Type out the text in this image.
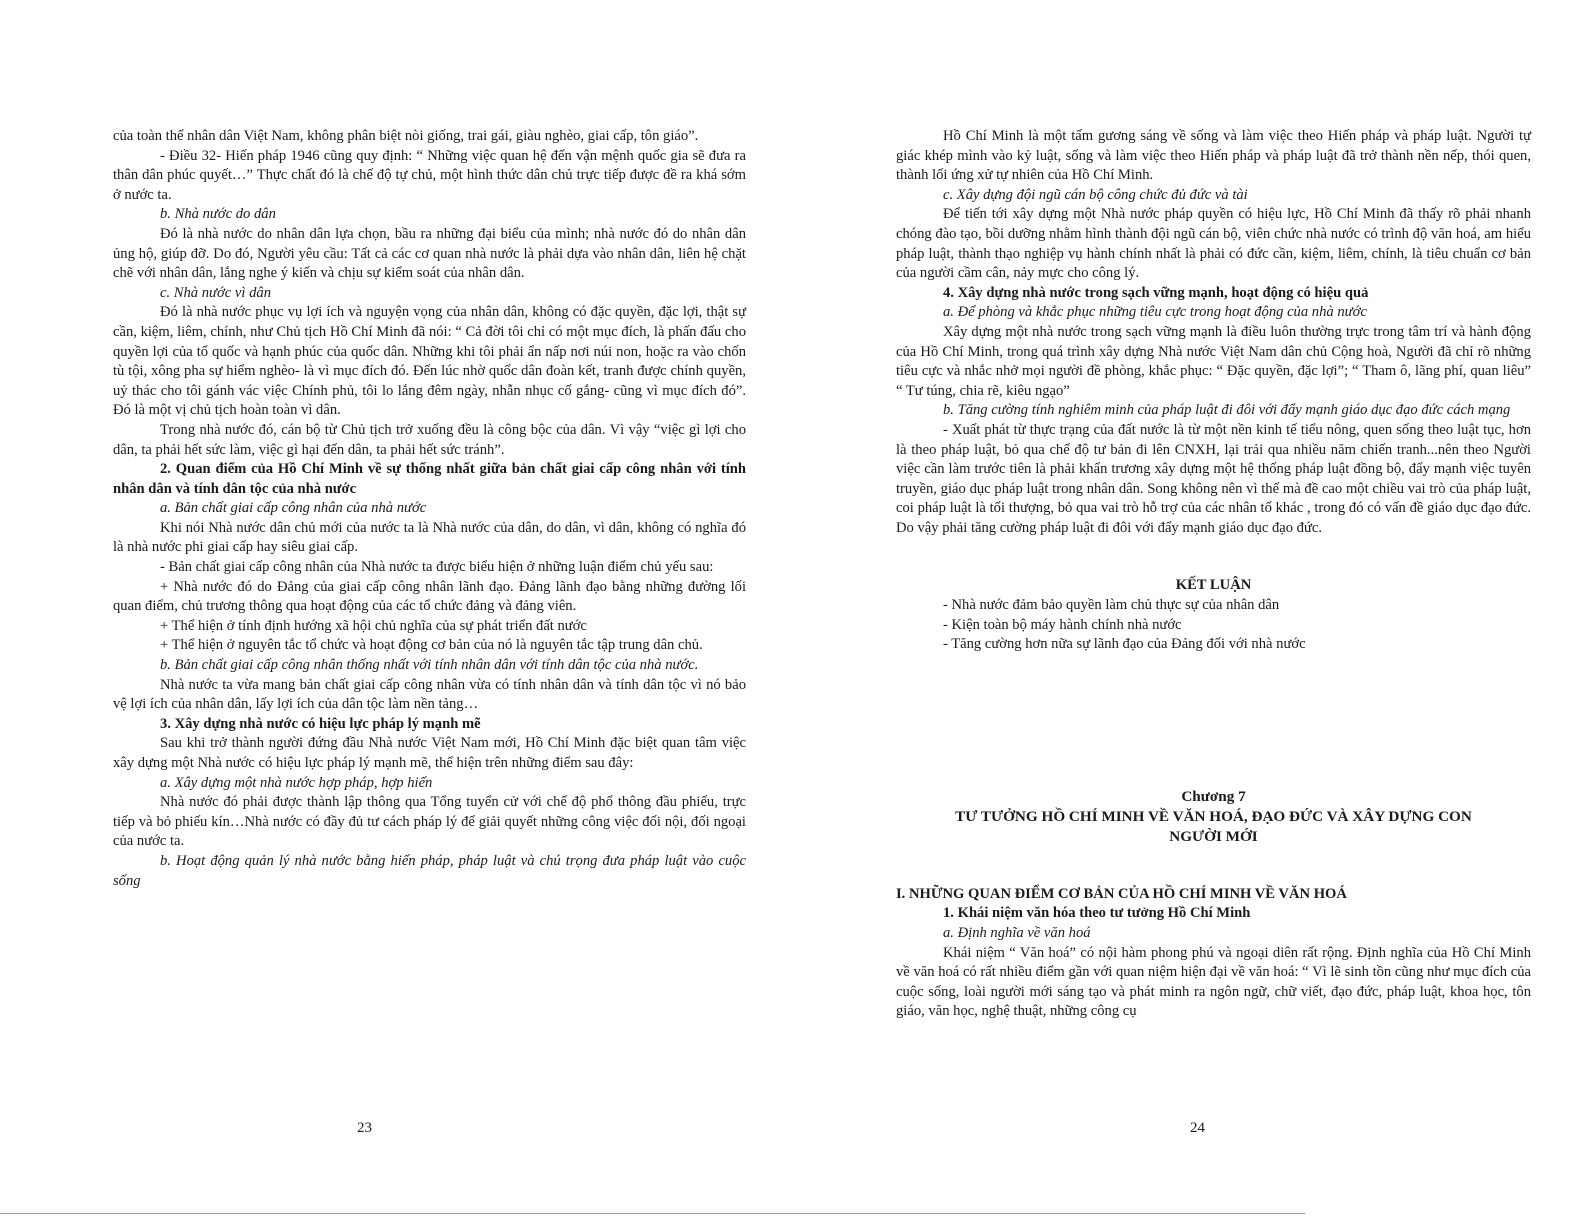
của toàn thể nhân dân Việt Nam, không phân biệt nòi giống, trai gái, giàu nghèo, giai cấp, tôn giáo”.

- Điều 32- Hiến pháp 1946 cũng quy định: “ Những việc quan hệ đến vận mệnh quốc gia sẽ đưa ra thân dân phúc quyết…” Thực chất đó là chế độ tự chủ, một hình thức dân chủ trực tiếp được đề ra khá sớm ở nước ta.

b. Nhà nước do dân

Đó là nhà nước do nhân dân lựa chọn, bầu ra những đại biểu của mình; nhà nước đó do nhân dân ủng hộ, giúp đỡ. Do đó, Người yêu cầu: Tất cả các cơ quan nhà nước là phải dựa vào nhân dân, liên hệ chặt chẽ với nhân dân, lắng nghe ý kiến và chịu sự kiểm soát của nhân dân.

c. Nhà nước vì dân

Đó là nhà nước phục vụ lợi ích và nguyện vọng của nhân dân, không có đặc quyền, đặc lợi, thật sự cần, kiệm, liêm, chính, như Chủ tịch Hồ Chí Minh đã nói: “ Cả đời tôi chỉ có một mục đích, là phấn đấu cho quyền lợi của tổ quốc và hạnh phúc của quốc dân. Những khi tôi phải ẩn nấp nơi núi non, hoặc ra vào chốn tù tội, xông pha sự hiểm nghèo- là vì mục đích đó. Đến lúc nhờ quốc dân đoàn kết, tranh được chính quyền, uỷ thác cho tôi gánh vác việc Chính phủ, tôi lo lắng đêm ngày, nhẫn nhục cố gắng- cũng vì mục đích đó”. Đó là một vị chủ tịch hoàn toàn vì dân.

Trong nhà nước đó, cán bộ từ Chủ tịch trở xuống đều là công bộc của dân. Vì vậy “việc gì lợi cho dân, ta phải hết sức làm, việc gì hại đến dân, ta phải hết sức tránh”.

2. Quan điểm của Hồ Chí Minh về sự thống nhất giữa bản chất giai cấp công nhân với tính nhân dân và tính dân tộc của nhà nước

a. Bản chất giai cấp công nhân của nhà nước

Khi nói Nhà nước dân chủ mới của nước ta là Nhà nước của dân, do dân, vì dân, không có nghĩa đó là nhà nước phi giai cấp hay siêu giai cấp.

- Bản chất giai cấp công nhân của Nhà nước ta được biểu hiện ở những luận điểm chủ yếu sau:

+ Nhà nước đó do Đảng của giai cấp công nhân lãnh đạo. Đảng lãnh đạo bằng những đường lối quan điểm, chủ trương thông qua hoạt động của các tổ chức đảng và đảng viên.

+ Thể hiện ở tính định hướng xã hội chủ nghĩa của sự phát triển đất nước

+ Thể hiện ở nguyên tắc tổ chức và hoạt động cơ bản của nó là nguyên tắc tập trung dân chủ.

b. Bản chất giai cấp công nhân thống nhất với tính nhân dân với tính dân tộc của nhà nước.

Nhà nước ta vừa mang bản chất giai cấp công nhân vừa có tính nhân dân và tính dân tộc vì nó bảo vệ lợi ích của nhân dân, lấy lợi ích của dân tộc làm nền tảng…

3. Xây dựng nhà nước có hiệu lực pháp lý mạnh mẽ

Sau khi trở thành người đứng đầu Nhà nước Việt Nam mới, Hồ Chí Minh đặc biệt quan tâm việc xây dựng một Nhà nước có hiệu lực pháp lý mạnh mẽ, thể hiện trên những điểm sau đây:

a. Xây dựng một nhà nước hợp pháp, hợp hiến

Nhà nước đó phải được thành lập thông qua Tổng tuyển cử với chế độ phổ thông đầu phiếu, trực tiếp và bỏ phiếu kín…Nhà nước có đầy đủ tư cách pháp lý để giải quyết những công việc đối nội, đối ngoại của nước ta.

b. Hoạt động quản lý nhà nước bằng hiến pháp, pháp luật và chú trọng đưa pháp luật vào cuộc sống

23

Hồ Chí Minh là một tấm gương sáng về sống và làm việc theo Hiến pháp và pháp luật. Người tự giác khép mình vào kỷ luật, sống và làm việc theo Hiến pháp và pháp luật đã trở thành nền nếp, thói quen, thành lối ứng xử tự nhiên của Hồ Chí Minh.

c. Xây dựng đội ngũ cán bộ công chức đủ đức và tài

Để tiến tới xây dựng một Nhà nước pháp quyền có hiệu lực, Hồ Chí Minh đã thấy rõ phải nhanh chóng đào tạo, bồi dưỡng nhằm hình thành đội ngũ cán bộ, viên chức nhà nước có trình độ văn hoá, am hiểu pháp luật, thành thạo nghiệp vụ hành chính nhất là phải có đức cần, kiệm, liêm, chính, là tiêu chuẩn cơ bản của người cầm cân, nảy mực cho công lý.

4. Xây dựng nhà nước trong sạch vững mạnh, hoạt động có hiệu quả

a. Để phòng và khắc phục những tiêu cực trong hoạt động của nhà nước

Xây dựng một nhà nước trong sạch vững mạnh là điều luôn thường trực trong tâm trí và hành động của Hồ Chí Minh, trong quá trình xây dựng Nhà nước Việt Nam dân chủ Cộng hoà, Người đã chỉ rõ những tiêu cực và nhắc nhở mọi người đề phòng, khắc phục: “ Đặc quyền, đặc lợi”; “ Tham ô, lãng phí, quan liêu” “ Tư túng, chia rẽ, kiêu ngạo”

b. Tăng cường tính nghiêm minh của pháp luật đi đôi với đẩy mạnh giáo dục đạo đức cách mạng

- Xuất phát từ thực trạng của đất nước là từ một nền kinh tế tiểu nông, quen sống theo luật tục, hơn là theo pháp luật, bỏ qua chế độ tư bản đi lên CNXH, lại trải qua nhiều năm chiến tranh...nên theo Người việc cần làm trước tiên là phải khẩn trương xây dựng một hệ thống pháp luật đồng bộ, đẩy mạnh việc tuyên truyền, giáo dục pháp luật trong nhân dân. Song không nên vì thế mà đề cao một chiều vai trò của pháp luật, coi pháp luật là tối thượng, bỏ qua vai trò hỗ trợ của các nhân tố khác , trong đó có vấn đề giáo dục đạo đức. Do vậy phải tăng cường pháp luật đi đôi với đẩy mạnh giáo dục đạo đức.

KẾT LUẬN

- Nhà nước đảm bảo quyền làm chủ thực sự của nhân dân

- Kiện toàn bộ máy hành chính nhà nước

- Tăng cường hơn nữa sự lãnh đạo của Đảng đối với nhà nước

Chương 7

TƯ TƯỞNG HỒ CHÍ MINH VỀ VĂN HOÁ, ĐẠO ĐỨC VÀ XÂY DỰNG CON NGƯỜI MỚI

I. NHỮNG QUAN ĐIỂM CƠ BẢN CỦA HỒ CHÍ MINH VỀ VĂN HOÁ

1. Khái niệm văn hóa theo tư tưởng Hồ Chí Minh

a. Định nghĩa về văn hoá

Khái niệm “ Văn hoá” có nội hàm phong phú và ngoại diên rất rộng. Định nghĩa của Hồ Chí Minh về văn hoá có rất nhiều điểm gần với quan niệm hiện đại về văn hoá: “ Vì lẽ sinh tồn cũng như mục đích của cuộc sống, loài người mới sáng tạo và phát minh ra ngôn ngữ, chữ viết, đạo đức, pháp luật, khoa học, tôn giáo, văn học, nghệ thuật, những công cụ

24
